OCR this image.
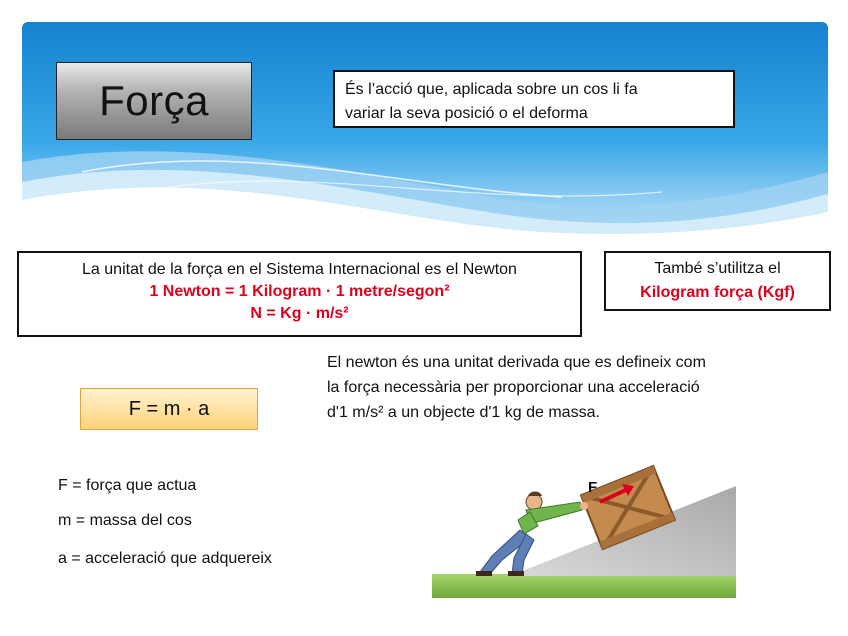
Força	És l’acció que, aplicada sobre un cos li fa
variar la seva posició o el deforma
La unitat de la força en el Sistema Internacional es el Newton
1 Newton = 1 Kilogram · 1 metre/segon²
N = Kg · m/s²
També s’utilitza el
Kilogram força (Kgf)
El newton és una unitat derivada que es defineix com
la força necessària per proporcionar una acceleració
d'1 m/s² a un objecte d'1 kg de massa.
F = m · a
F = força que actua
m = massa del cos
a = acceleració que adquereix
F
